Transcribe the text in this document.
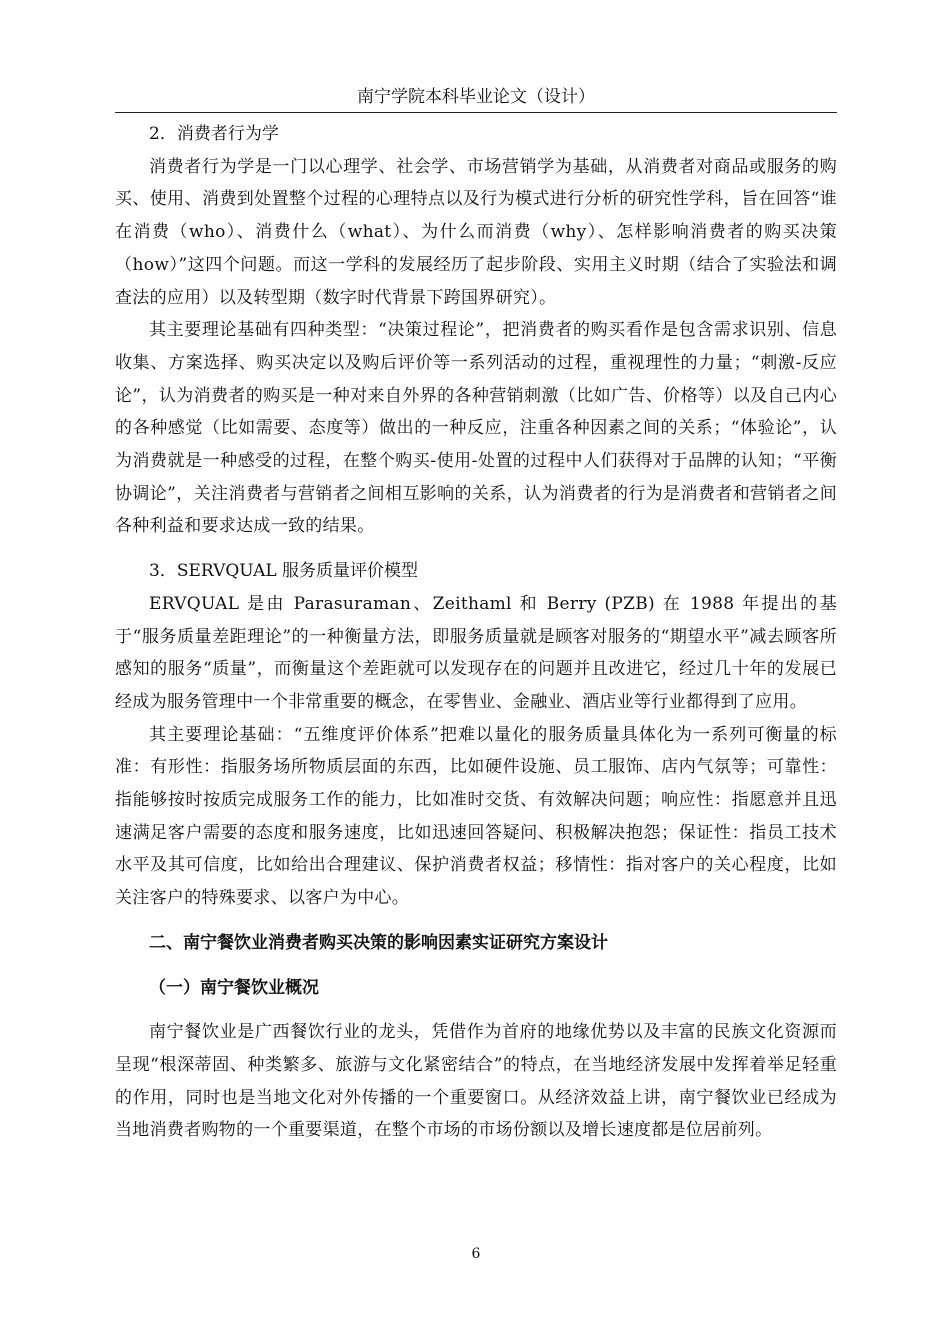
南宁学院本科毕业论文（设计）

2．消费者行为学

消费者行为学是一门以心理学、社会学、市场营销学为基础，从消费者对商品或服务的购买、使用、消费到处置整个过程的心理特点以及行为模式进行分析的研究性学科，旨在回答“谁在消费（who）、消费什么（what）、为什么而消费（why）、怎样影响消费者的购买决策（how）”这四个问题。而这一学科的发展经历了起步阶段、实用主义时期（结合了实验法和调查法的应用）以及转型期（数字时代背景下跨国界研究）。

其主要理论基础有四种类型：“决策过程论”，把消费者的购买看作是包含需求识别、信息收集、方案选择、购买决定以及购后评价等一系列活动的过程，重视理性的力量；“刺激-反应论”，认为消费者的购买是一种对来自外界的各种营销刺激（比如广告、价格等）以及自己内心的各种感觉（比如需要、态度等）做出的一种反应，注重各种因素之间的关系；“体验论”，认为消费就是一种感受的过程，在整个购买-使用-处置的过程中人们获得对于品牌的认知；“平衡协调论”，关注消费者与营销者之间相互影响的关系，认为消费者的行为是消费者和营销者之间各种利益和要求达成一致的结果。

3．SERVQUAL 服务质量评价模型

ERVQUAL 是由 Parasuraman、Zeithaml 和 Berry (PZB) 在 1988 年提出的基于“服务质量差距理论”的一种衡量方法，即服务质量就是顾客对服务的“期望水平”减去顾客所感知的服务“质量”，而衡量这个差距就可以发现存在的问题并且改进它，经过几十年的发展已经成为服务管理中一个非常重要的概念，在零售业、金融业、酒店业等行业都得到了应用。

其主要理论基础：“五维度评价体系”把难以量化的服务质量具体化为一系列可衡量的标准：有形性：指服务场所物质层面的东西，比如硬件设施、员工服饰、店内气氛等；可靠性：指能够按时按质完成服务工作的能力，比如准时交货、有效解决问题；响应性：指愿意并且迅速满足客户需要的态度和服务速度，比如迅速回答疑问、积极解决抱怨；保证性：指员工技术水平及其可信度，比如给出合理建议、保护消费者权益；移情性：指对客户的关心程度，比如关注客户的特殊要求、以客户为中心。

二、南宁餐饮业消费者购买决策的影响因素实证研究方案设计

（一）南宁餐饮业概况

南宁餐饮业是广西餐饮行业的龙头，凭借作为首府的地缘优势以及丰富的民族文化资源而呈现“根深蒂固、种类繁多、旅游与文化紧密结合”的特点，在当地经济发展中发挥着举足轻重的作用，同时也是当地文化对外传播的一个重要窗口。从经济效益上讲，南宁餐饮业已经成为当地消费者购物的一个重要渠道，在整个市场的市场份额以及增长速度都是位居前列。

6
